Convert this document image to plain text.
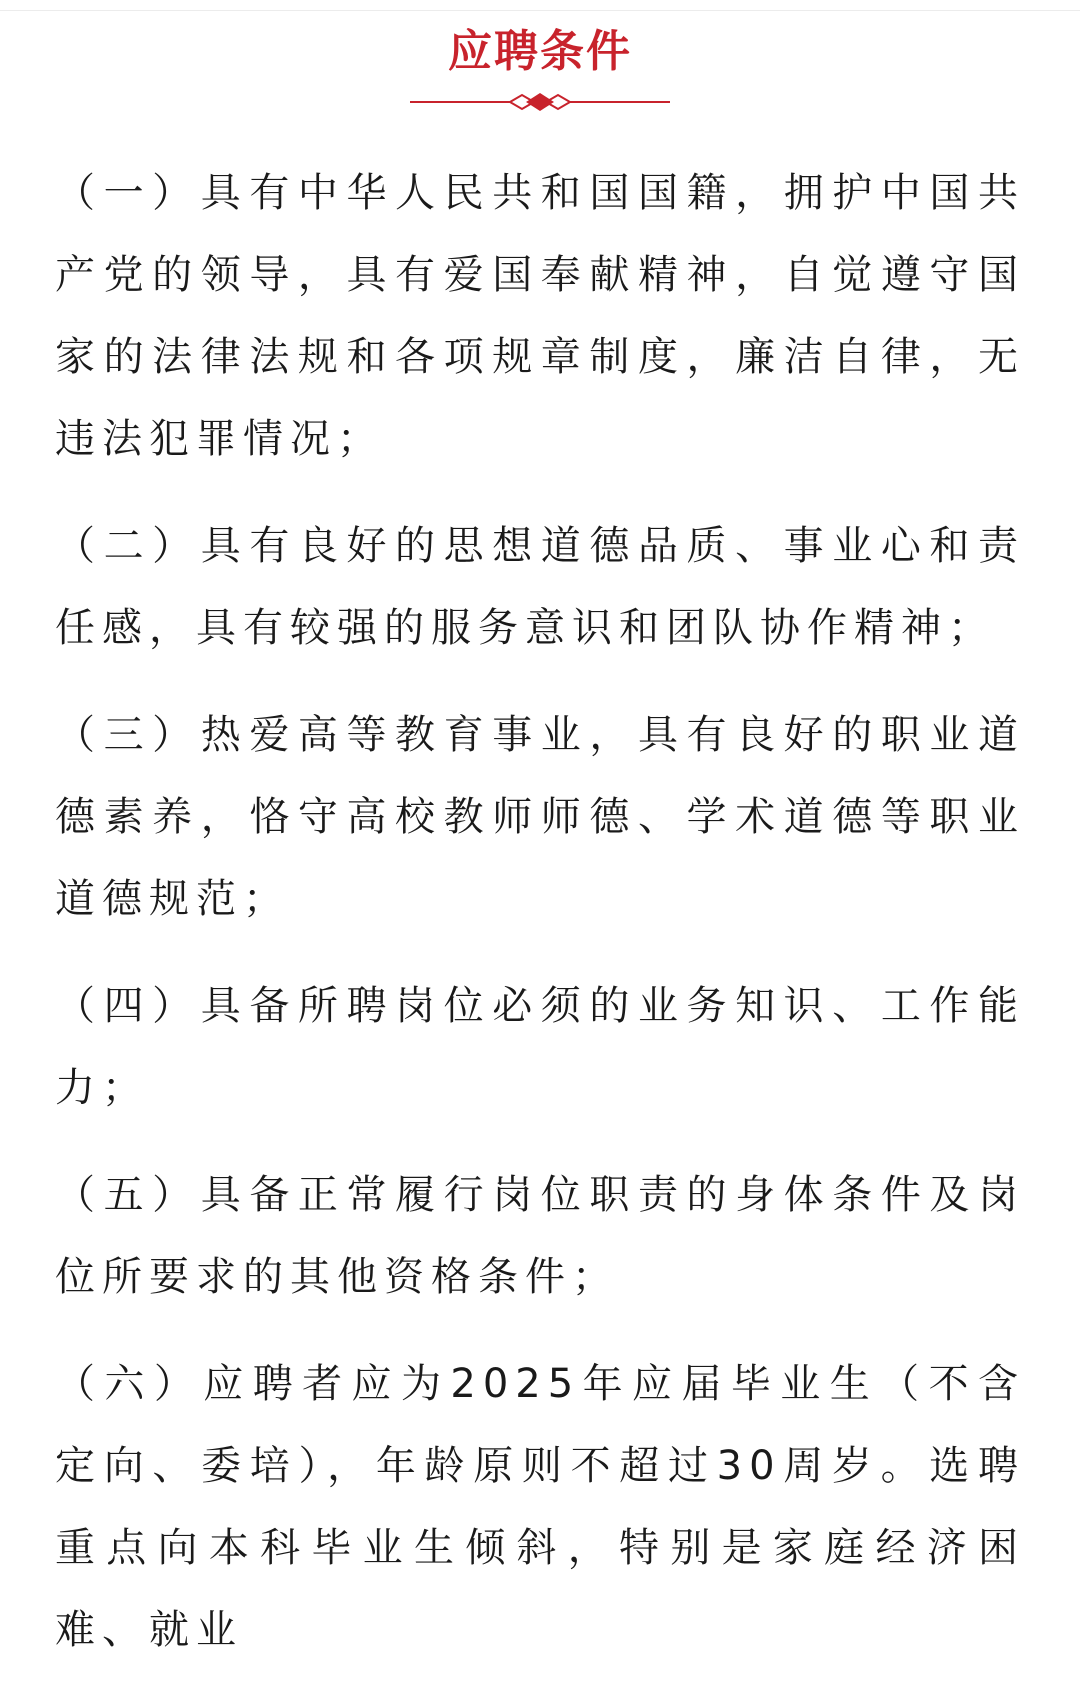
应聘条件

（一）具有中华人民共和国国籍，拥护中国共产党的领导，具有爱国奉献精神，自觉遵守国家的法律法规和各项规章制度，廉洁自律，无违法犯罪情况；

（二）具有良好的思想道德品质、事业心和责任感，具有较强的服务意识和团队协作精神；

（三）热爱高等教育事业，具有良好的职业道德素养，恪守高校教师师德、学术道德等职业道德规范；

（四）具备所聘岗位必须的业务知识、工作能力；

（五）具备正常履行岗位职责的身体条件及岗位所要求的其他资格条件；

（六）应聘者应为2025年应届毕业生（不含定向、委培），年龄原则不超过30周岁。选聘重点向本科毕业生倾斜，特别是家庭经济困难、就业
